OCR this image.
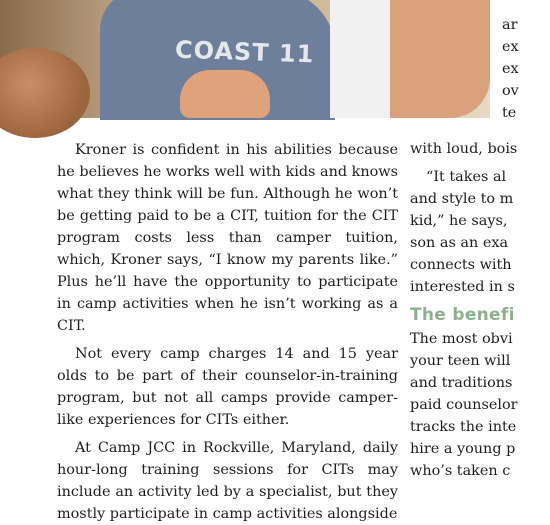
COAST 11
ar
ex
ex
ov
te

Kroner is confident in his abilities because he believes he works well with kids and knows what they think will be fun. Although he won’t be getting paid to be a CIT, tuition for the CIT program costs less than camper tuition, which, Kroner says, “I know my parents like.” Plus he’ll have the opportunity to participate in camp activities when he isn’t working as a CIT.

Not every camp charges 14 and 15 year olds to be part of their counselor-in-training program, but not all camps provide camper-like experiences for CITs either.

At Camp JCC in Rockville, Maryland, daily hour-long training sessions for CITs may include an activity led by a specialist, but they mostly participate in camp activities alongside

with loud, bois
“It takes al
and style to m
kid,” he says,
son as an exa
connects with
interested in s
The benefi
The most obvi
your teen will
and traditions
paid counselor
tracks the inte
hire a young p
who’s taken c
